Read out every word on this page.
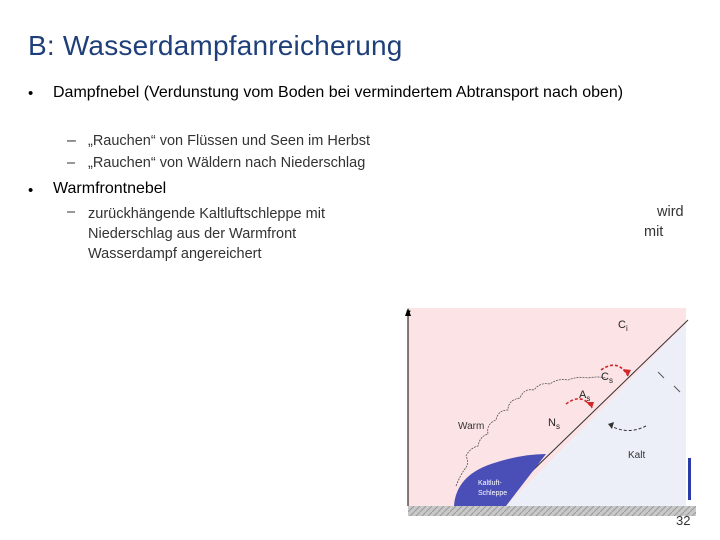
B: Wasserdampfanreicherung
• Dampfnebel (Verdunstung vom Boden bei vermindertem Abtransport nach oben)
– „Rauchen“ von Flüssen und Seen im Herbst
– „Rauchen“ von Wäldern nach Niederschlag
• Warmfrontnebel
– zurückhängende Kaltluftschleppe mit Niederschlag aus der Warmfront Wasserdampf angereichert
wird
mit
z
$C_i$
$C_s$
$A_s$
$N_s$
Warm
Kalt
Kaltluft-
Schleppe
32
